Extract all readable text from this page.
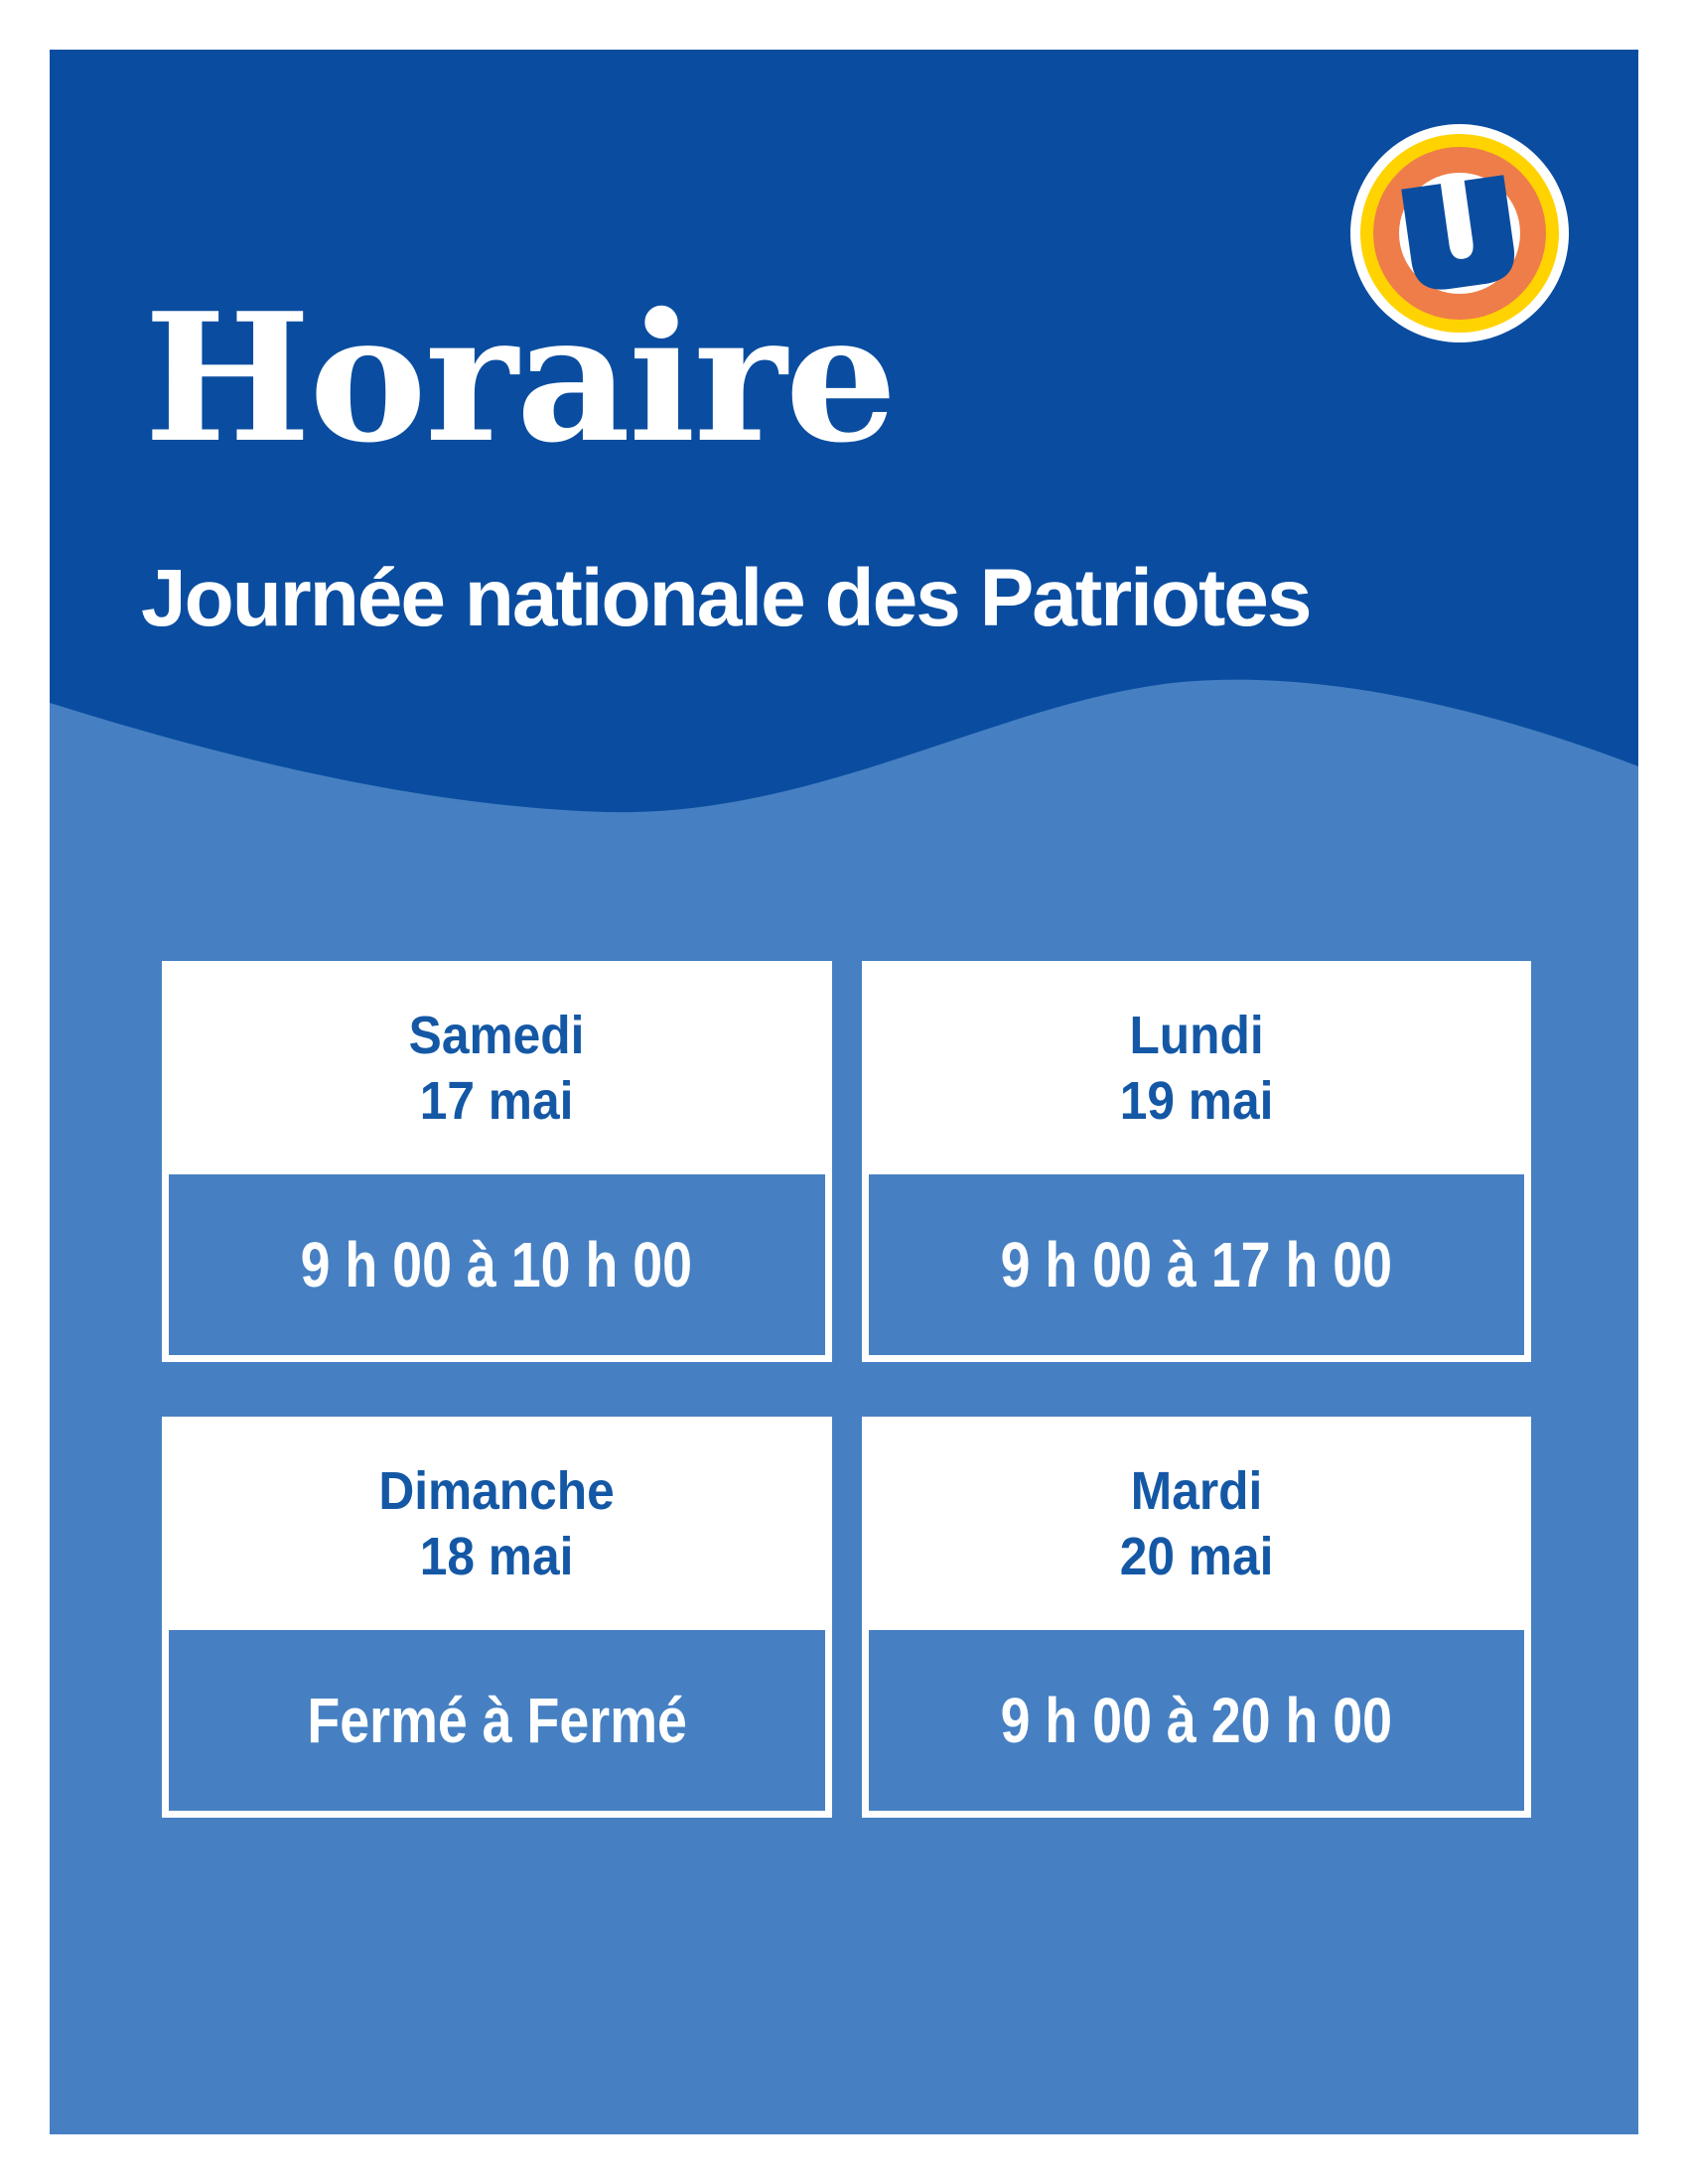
Horaire
Journée nationale des Patriotes
Samedi
17 mai
9 h 00 à 10 h 00
Lundi
19 mai
9 h 00 à 17 h 00
Dimanche
18 mai
Fermé à Fermé
Mardi
20 mai
9 h 00 à 20 h 00
